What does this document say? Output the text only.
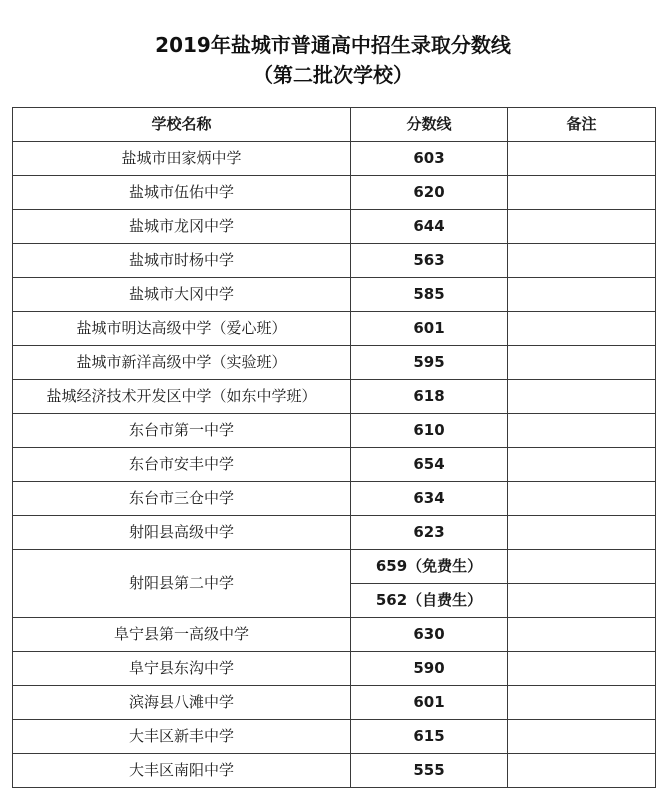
2019年盐城市普通高中招生录取分数线
（第二批次学校）
学校名称	分数线	备注
盐城市田家炳中学	603	
盐城市伍佑中学	620	
盐城市龙冈中学	644	
盐城市时杨中学	563	
盐城市大冈中学	585	
盐城市明达高级中学（爱心班）	601	
盐城市新洋高级中学（实验班）	595	
盐城经济技术开发区中学（如东中学班）	618	
东台市第一中学	610	
东台市安丰中学	654	
东台市三仓中学	634	
射阳县高级中学	623	
射阳县第二中学	659（免费生）	
	562（自费生）	
阜宁县第一高级中学	630	
阜宁县东沟中学	590	
滨海县八滩中学	601	
大丰区新丰中学	615	
大丰区南阳中学	555	
